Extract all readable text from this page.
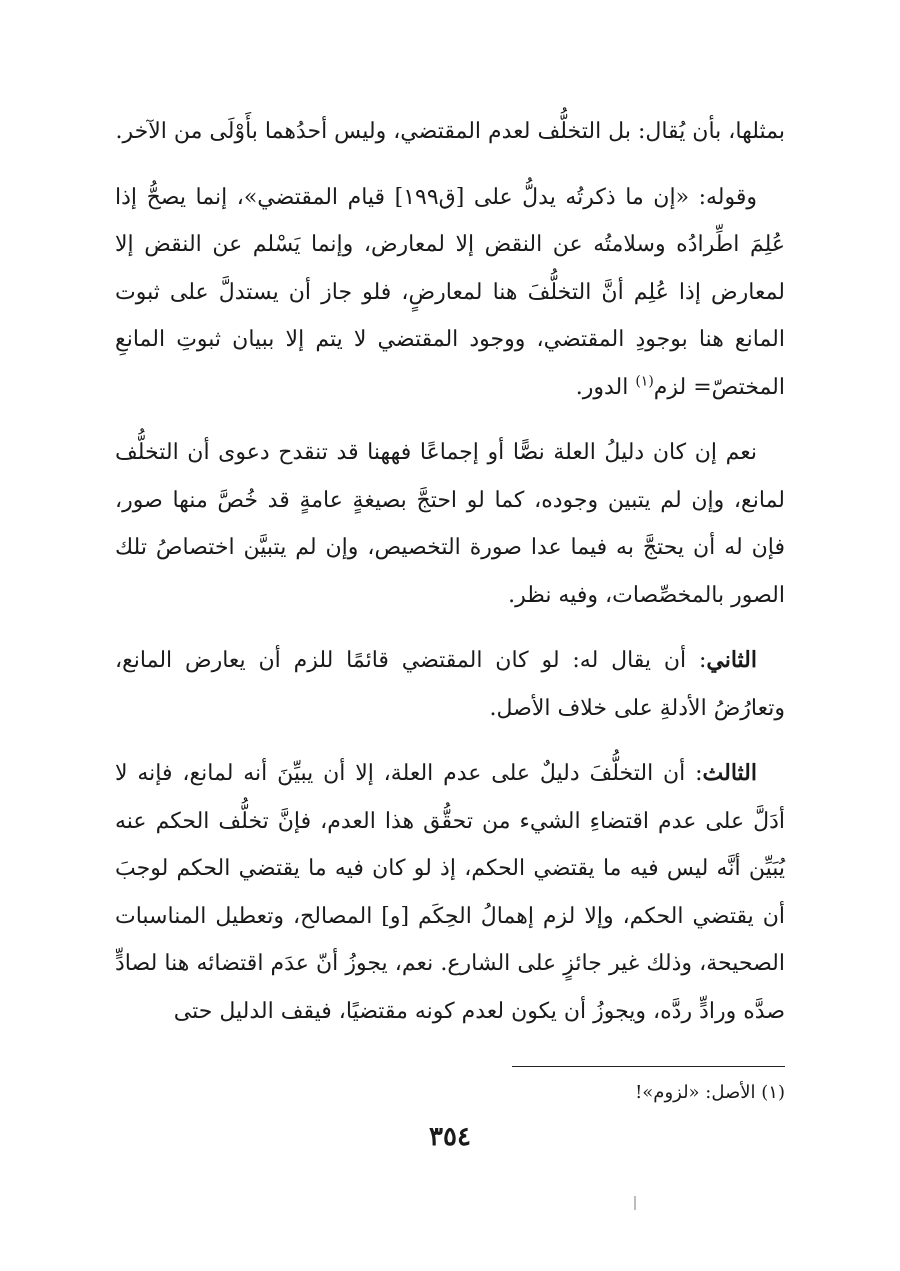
بمثلها، بأن يُقال: بل التخلُّف لعدم المقتضي، وليس أحدُهما بأَوْلَى من الآخر.

وقوله: «إن ما ذكرتُه يدلُّ على [ق١٩٩] قيام المقتضي»، إنما يصحُّ إذا عُلِمَ اطِّرادُه وسلامتُه عن النقض إلا لمعارض، وإنما يَسْلم عن النقض إلا لمعارض إذا عُلِم أنَّ التخلُّفَ هنا لمعارضٍ، فلو جاز أن يستدلَّ على ثبوت المانع هنا بوجودِ المقتضي، ووجود المقتضي لا يتم إلا ببيان ثبوتِ المانعِ المختصّ= لزم$^{(١)}$ الدور.

نعم إن كان دليلُ العلة نصًّا أو إجماعًا فههنا قد تنقدح دعوى أن التخلُّف لمانع، وإن لم يتبين وجوده، كما لو احتجَّ بصيغةٍ عامةٍ قد خُصَّ منها صور، فإن له أن يحتجَّ به فيما عدا صورة التخصيص، وإن لم يتبيَّن اختصاصُ تلك الصور بالمخصِّصات، وفيه نظر.

الثاني: أن يقال له: لو كان المقتضي قائمًا للزم أن يعارض المانع، وتعارُضُ الأدلةِ على خلاف الأصل.

الثالث: أن التخلُّفَ دليلٌ على عدم العلة، إلا أن يبيِّنَ أنه لمانع، فإنه لا أدَلَّ على عدم اقتضاءِ الشيء من تحقُّق هذا العدم، فإنَّ تخلُّف الحكم عنه يُبَيِّن أنَّه ليس فيه ما يقتضي الحكم، إذ لو كان فيه ما يقتضي الحكم لوجبَ أن يقتضي الحكم، وإلا لزم إهمالُ الحِكَم [و] المصالح، وتعطيل المناسبات الصحيحة، وذلك غير جائزٍ على الشارع. نعم، يجوزُ أنّ عدَم اقتضائه هنا لصادٍّ صدَّه ورادٍّ ردَّه، ويجوزُ أن يكون لعدم كونه مقتضيًا، فيقف الدليل حتى

(١) الأصل: «لزوم»!
٣٥٤
